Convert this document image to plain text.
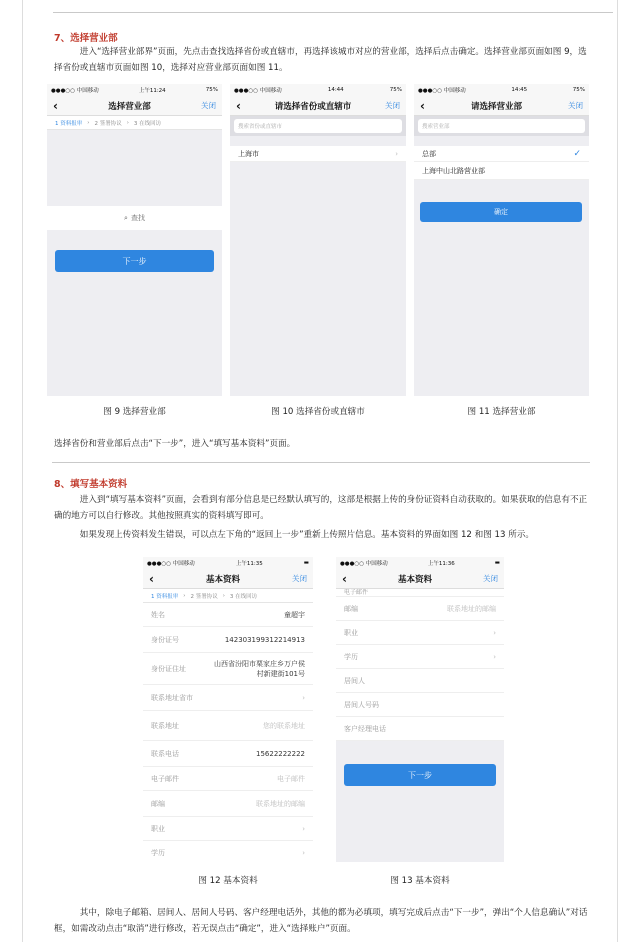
7、选择营业部
进入“选择营业部界”页面，先点击查找选择省份或直辖市，再选择该城市对应的营业部，选择后点击确定。选择营业部页面如图 9，选择省份或直辖市页面如图 10，选择对应营业部页面如图 11。
●●●○○ 中国移动	上午11:24	75%
‹	选择营业部	关闭
1 资料报审 › 2 签署协议 › 3 在线回访
⌕ 查找
下一步
图 9 选择营业部
●●●○○ 中国移动	14:44	75%
‹	请选择省份或直辖市	关闭
搜索省份或直辖市
上海市	›
图 10 选择省份或直辖市
●●●○○ 中国移动	14:45	75%
‹	请选择营业部	关闭
搜索营业部
总部	✓
上海中山北路营业部
确定
图 11 选择营业部
选择省份和营业部后点击“下一步”，进入“填写基本资料”页面。
8、填写基本资料
进入到“填写基本资料”页面，会看到有部分信息是已经默认填写的，这部是根据上传的身份证资料自动获取的。如果获取的信息有不正确的地方可以自行修改。其他按照真实的资料填写即可。
如果发现上传资料发生错误，可以点左下角的“返回上一步”重新上传照片信息。基本资料的界面如图 12 和图 13 所示。
●●●○○ 中国移动	上午11:35	▬
‹	基本资料	关闭
1 资料报审 › 2 签署协议 › 3 在线回访
姓名	童超宇
身份证号	142303199312214913
身份证住址
山西省汾阳市栗家庄乡万户侯村新建街101号
联系地址省市	›
联系地址	您的联系地址
联系电话	15622222222
电子邮件	电子邮件
邮编	联系地址的邮编
职业	›
学历	›
图 12 基本资料
●●●○○ 中国移动	上午11:36	▬
‹	基本资料	关闭
电子邮件
邮编	联系地址的邮编
职业	›
学历	›
居间人
居间人号码
客户经理电话
下一步
图 13 基本资料
其中，除电子邮箱、居间人、居间人号码、客户经理电话外，其他的都为必填项，填写完成后点击“下一步”，弹出“个人信息确认”对话框，如需改动点击“取消”进行修改，若无误点击“确定”，进入“选择账户”页面。
